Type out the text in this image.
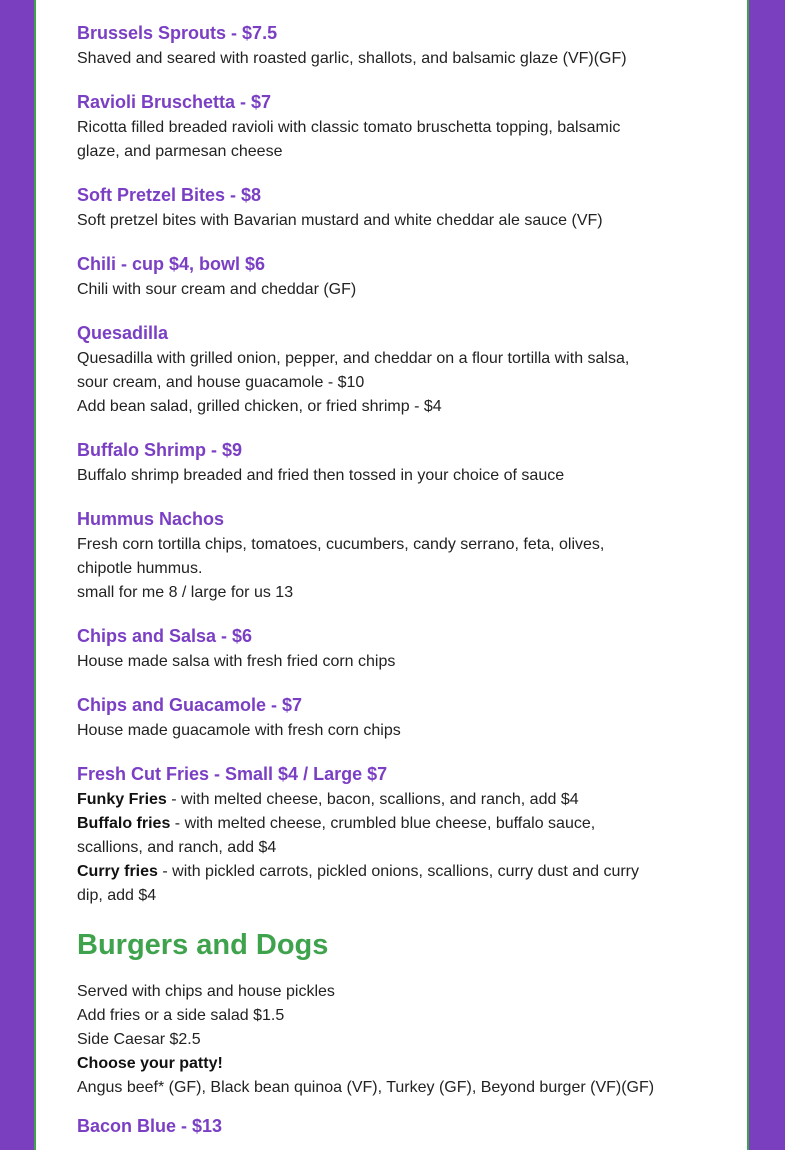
Brussels Sprouts - $7.5

Shaved and seared with roasted garlic, shallots, and balsamic glaze (VF)(GF)

Ravioli Bruschetta - $7

Ricotta filled breaded ravioli with classic tomato bruschetta topping, balsamic

glaze, and parmesan cheese

Soft Pretzel Bites - $8

Soft pretzel bites with Bavarian mustard and white cheddar ale sauce (VF)

Chili - cup $4, bowl $6

Chili with sour cream and cheddar (GF)

Quesadilla

Quesadilla with grilled onion, pepper, and cheddar on a flour tortilla with salsa,

sour cream, and house guacamole - $10

Add bean salad, grilled chicken, or fried shrimp - $4

Buffalo Shrimp - $9

Buffalo shrimp breaded and fried then tossed in your choice of sauce

Hummus Nachos

Fresh corn tortilla chips, tomatoes, cucumbers, candy serrano, feta, olives,

chipotle hummus.

small for me 8 / large for us 13

Chips and Salsa - $6

House made salsa with fresh fried corn chips

Chips and Guacamole - $7

House made guacamole with fresh corn chips

Fresh Cut Fries - Small $4 / Large $7

Funky Fries - with melted cheese, bacon, scallions, and ranch, add $4

Buffalo fries - with melted cheese, crumbled blue cheese, buffalo sauce,

scallions, and ranch, add $4

Curry fries - with pickled carrots, pickled onions, scallions, curry dust and curry

dip, add $4

Burgers and Dogs

Served with chips and house pickles

Add fries or a side salad $1.5

Side Caesar $2.5

Choose your patty!

Angus beef* (GF), Black bean quinoa (VF), Turkey (GF), Beyond burger (VF)(GF)

Bacon Blue - $13
